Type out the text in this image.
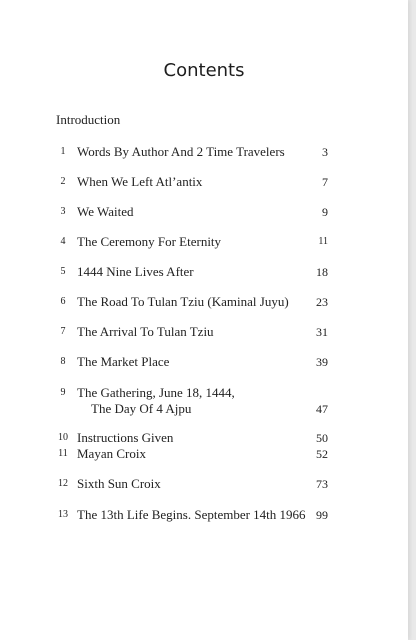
Contents
Introduction
1 Words By Author And 2 Time Travelers	3
2 When We Left Atl’antix	7
3 We Waited	9
4 The Ceremony For Eternity	11
5 1444 Nine Lives After	18
6 The Road To Tulan Tziu (Kaminal Juyu) 23
7 The Arrival To Tulan Tziu	31
8 The Market Place	39
9 The Gathering, June 18, 1444,
The Day Of 4 Ajpu	47
10 Instructions Given	50
11 Mayan Croix	52
12 Sixth Sun Croix	73
13 The 13th Life Begins. September 14th 1966 99
